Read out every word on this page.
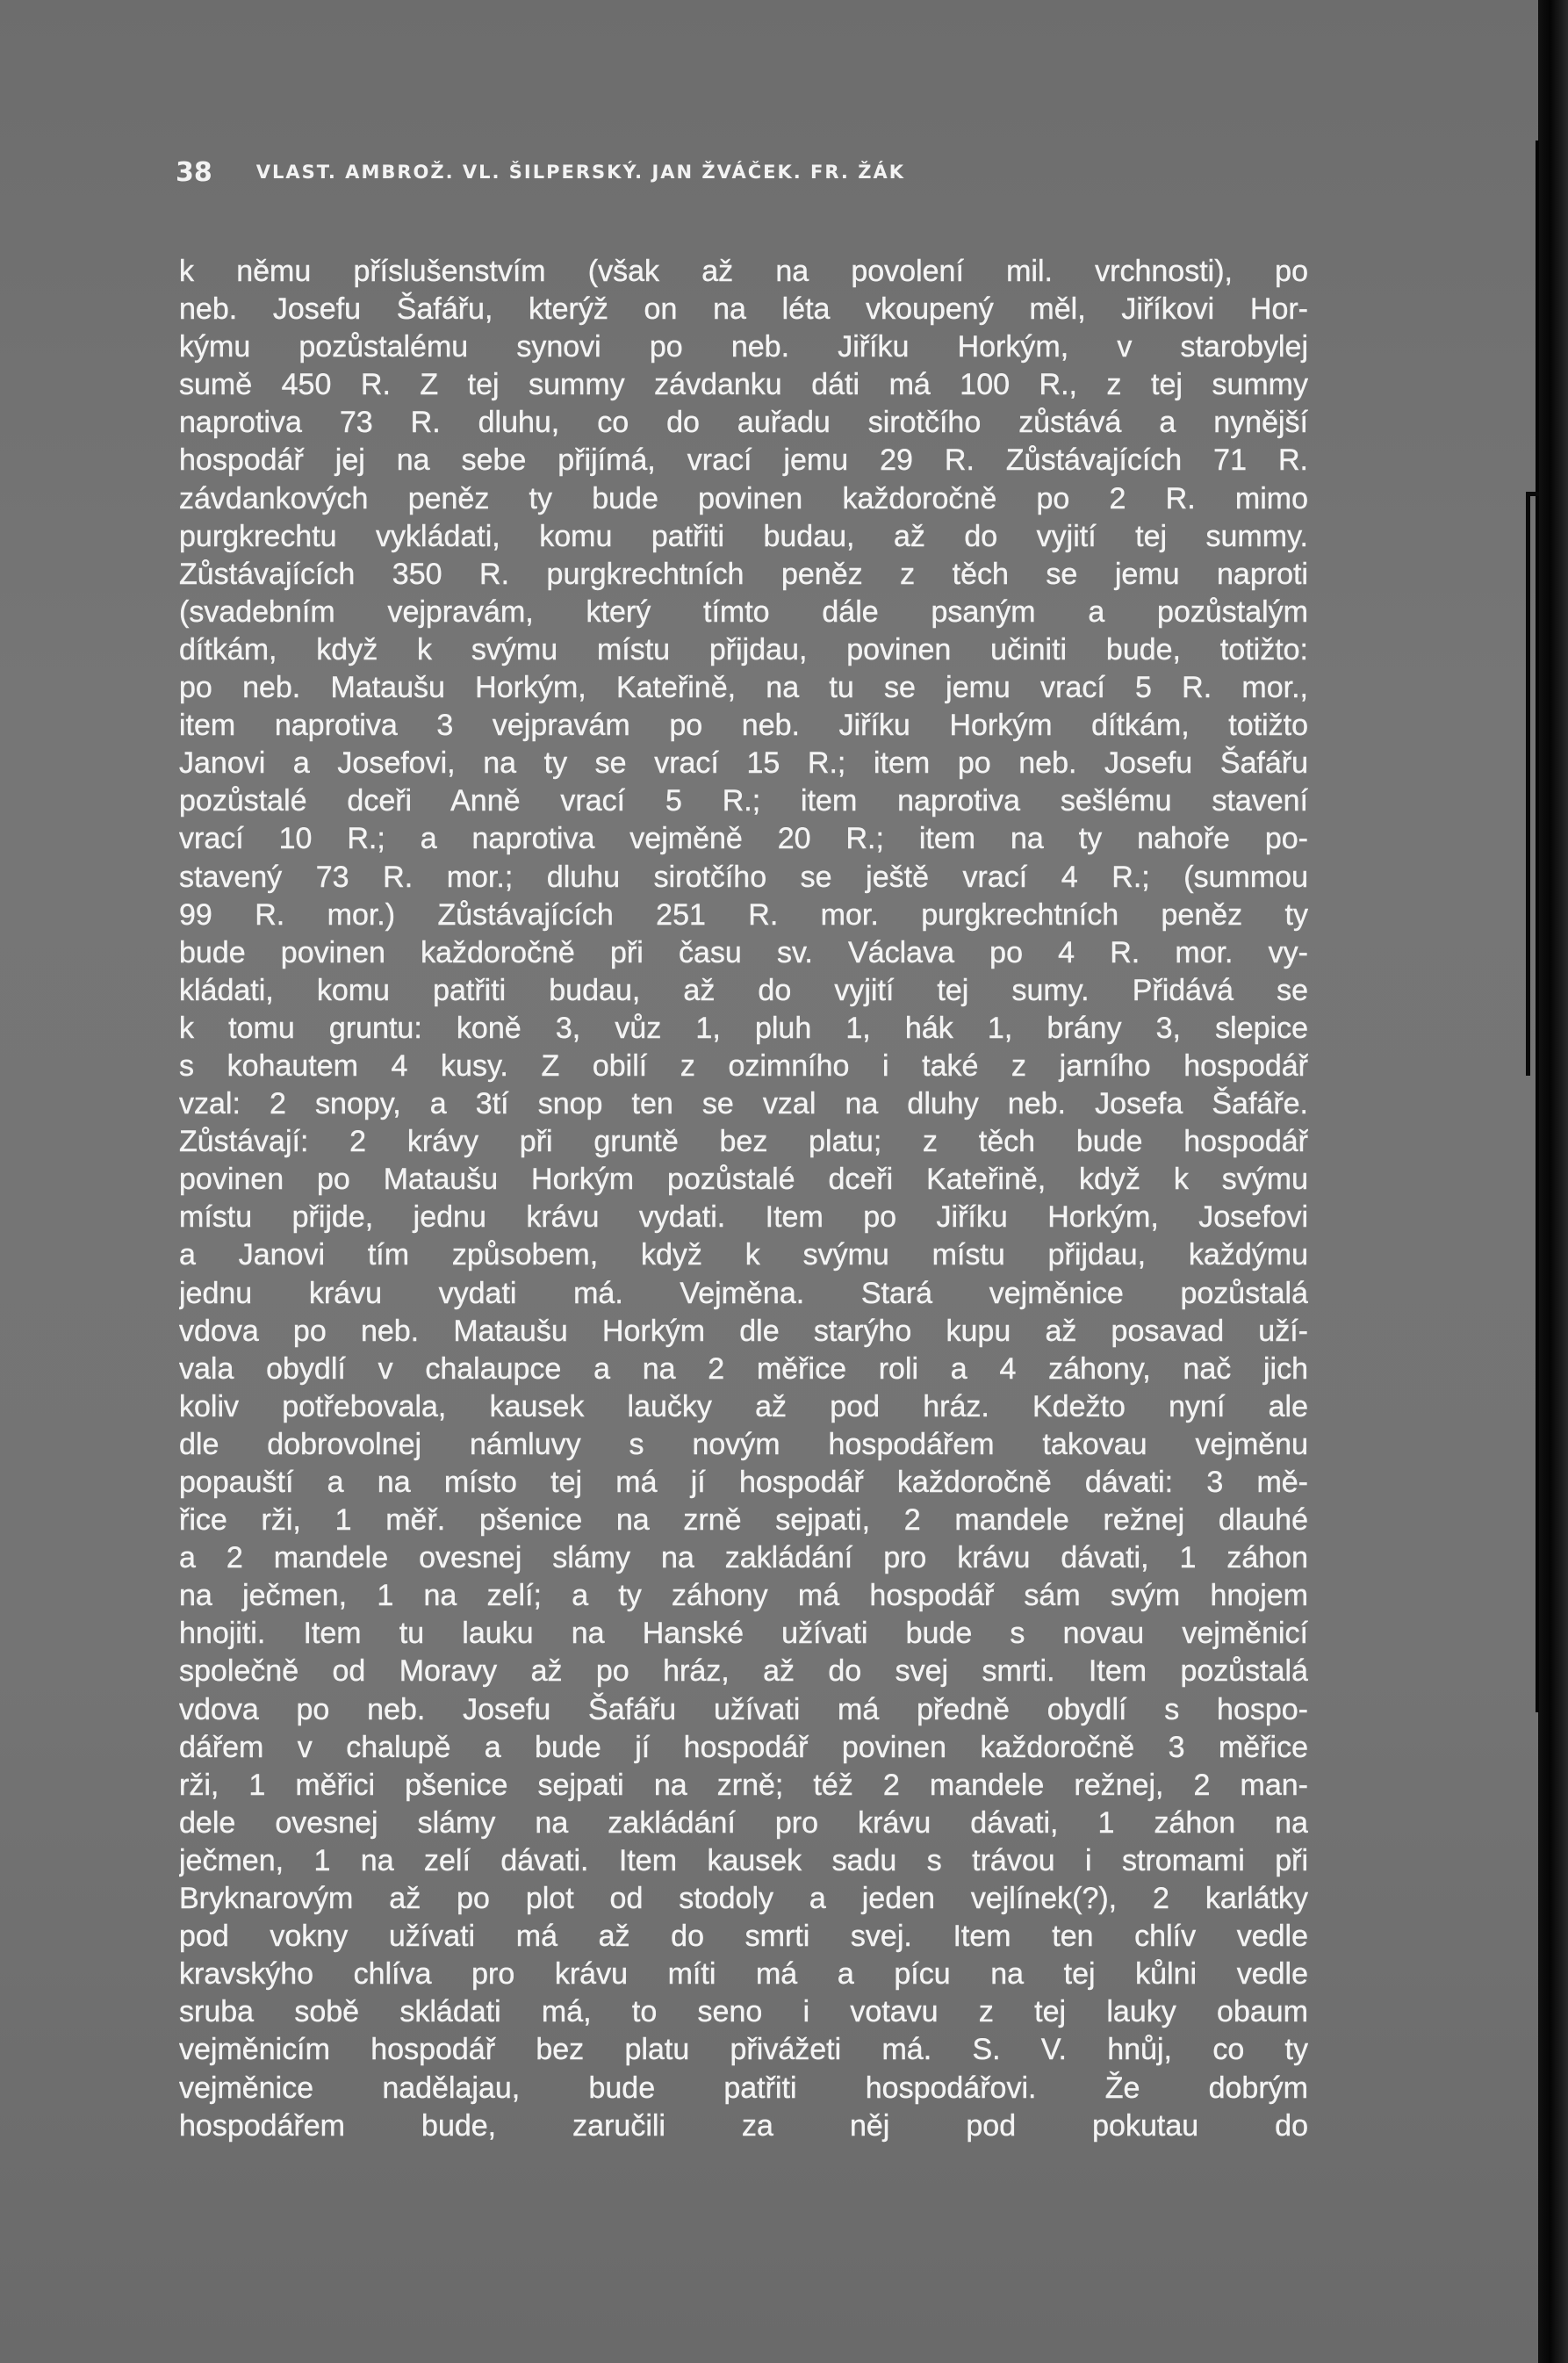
38 VLAST. AMBROŽ. VL. ŠILPERSKÝ. JAN ŽVÁČEK. FR. ŽÁK
k němu příslušenstvím (však až na povolení mil. vrchnosti), po
neb. Josefu Šafářu, kterýž on na léta vkoupený měl, Jiříkovi Hor-
kýmu pozůstalému synovi po neb. Jiříku Horkým, v starobylej
sumě 450 R. Z tej summy závdanku dáti má 100 R., z tej summy
naprotiva 73 R. dluhu, co do auřadu sirotčího zůstává a nynější
hospodář jej na sebe přijímá, vrací jemu 29 R. Zůstávajících 71 R.
závdankových peněz ty bude povinen každoročně po 2 R. mimo
purgkrechtu vykládati, komu patřiti budau, až do vyjití tej summy.
Zůstávajících 350 R. purgkrechtních peněz z těch se jemu naproti
(svadebním vejpravám, který tímto dále psaným a pozůstalým
dítkám, když k svýmu místu přijdau, povinen učiniti bude, totižto:
po neb. Mataušu Horkým, Kateřině, na tu se jemu vrací 5 R. mor.,
item naprotiva 3 vejpravám po neb. Jiříku Horkým dítkám, totižto
Janovi a Josefovi, na ty se vrací 15 R.; item po neb. Josefu Šafářu
pozůstalé dceři Anně vrací 5 R.; item naprotiva sešlému stavení
vrací 10 R.; a naprotiva vejměně 20 R.; item na ty nahoře po-
stavený 73 R. mor.; dluhu sirotčího se ještě vrací 4 R.; (summou
99 R. mor.) Zůstávajících 251 R. mor. purgkrechtních peněz ty
bude povinen každoročně při času sv. Václava po 4 R. mor. vy-
kládati, komu patřiti budau, až do vyjití tej sumy. Přidává se
k tomu gruntu: koně 3, vůz 1, pluh 1, hák 1, brány 3, slepice
s kohautem 4 kusy. Z obilí z ozimního i také z jarního hospodář
vzal: 2 snopy, a 3tí snop ten se vzal na dluhy neb. Josefa Šafáře.
Zůstávají: 2 krávy při gruntě bez platu; z těch bude hospodář
povinen po Mataušu Horkým pozůstalé dceři Kateřině, když k svýmu
místu přijde, jednu krávu vydati. Item po Jiříku Horkým, Josefovi
a Janovi tím způsobem, když k svýmu místu přijdau, každýmu
jednu krávu vydati má. Vejměna. Stará vejměnice pozůstalá
vdova po neb. Mataušu Horkým dle starýho kupu až posavad uží-
vala obydlí v chalaupce a na 2 měřice roli a 4 záhony, nač jich
koliv potřebovala, kausek laučky až pod hráz. Kdežto nyní ale
dle dobrovolnej námluvy s novým hospodářem takovau vejměnu
popauští a na místo tej má jí hospodář každoročně dávati: 3 mě-
řice rži, 1 měř. pšenice na zrně sejpati, 2 mandele režnej dlauhé
a 2 mandele ovesnej slámy na zakládání pro krávu dávati, 1 záhon
na ječmen, 1 na zelí; a ty záhony má hospodář sám svým hnojem
hnojiti. Item tu lauku na Hanské užívati bude s novau vejměnicí
společně od Moravy až po hráz, až do svej smrti. Item pozůstalá
vdova po neb. Josefu Šafářu užívati má předně obydlí s hospo-
dářem v chalupě a bude jí hospodář povinen každoročně 3 měřice
rži, 1 měřici pšenice sejpati na zrně; též 2 mandele režnej, 2 man-
dele ovesnej slámy na zakládání pro krávu dávati, 1 záhon na
ječmen, 1 na zelí dávati. Item kausek sadu s trávou i stromami při
Bryknarovým až po plot od stodoly a jeden vejlínek(?), 2 karlátky
pod vokny užívati má až do smrti svej. Item ten chlív vedle
kravskýho chlíva pro krávu míti má a pícu na tej kůlni vedle
sruba sobě skládati má, to seno i votavu z tej lauky obaum
vejměnicím hospodář bez platu přivážeti má. S. V. hnůj, co ty
vejměnice nadělajau, bude patřiti hospodářovi. Že dobrým
hospodářem bude, zaručili za něj pod pokutau do
